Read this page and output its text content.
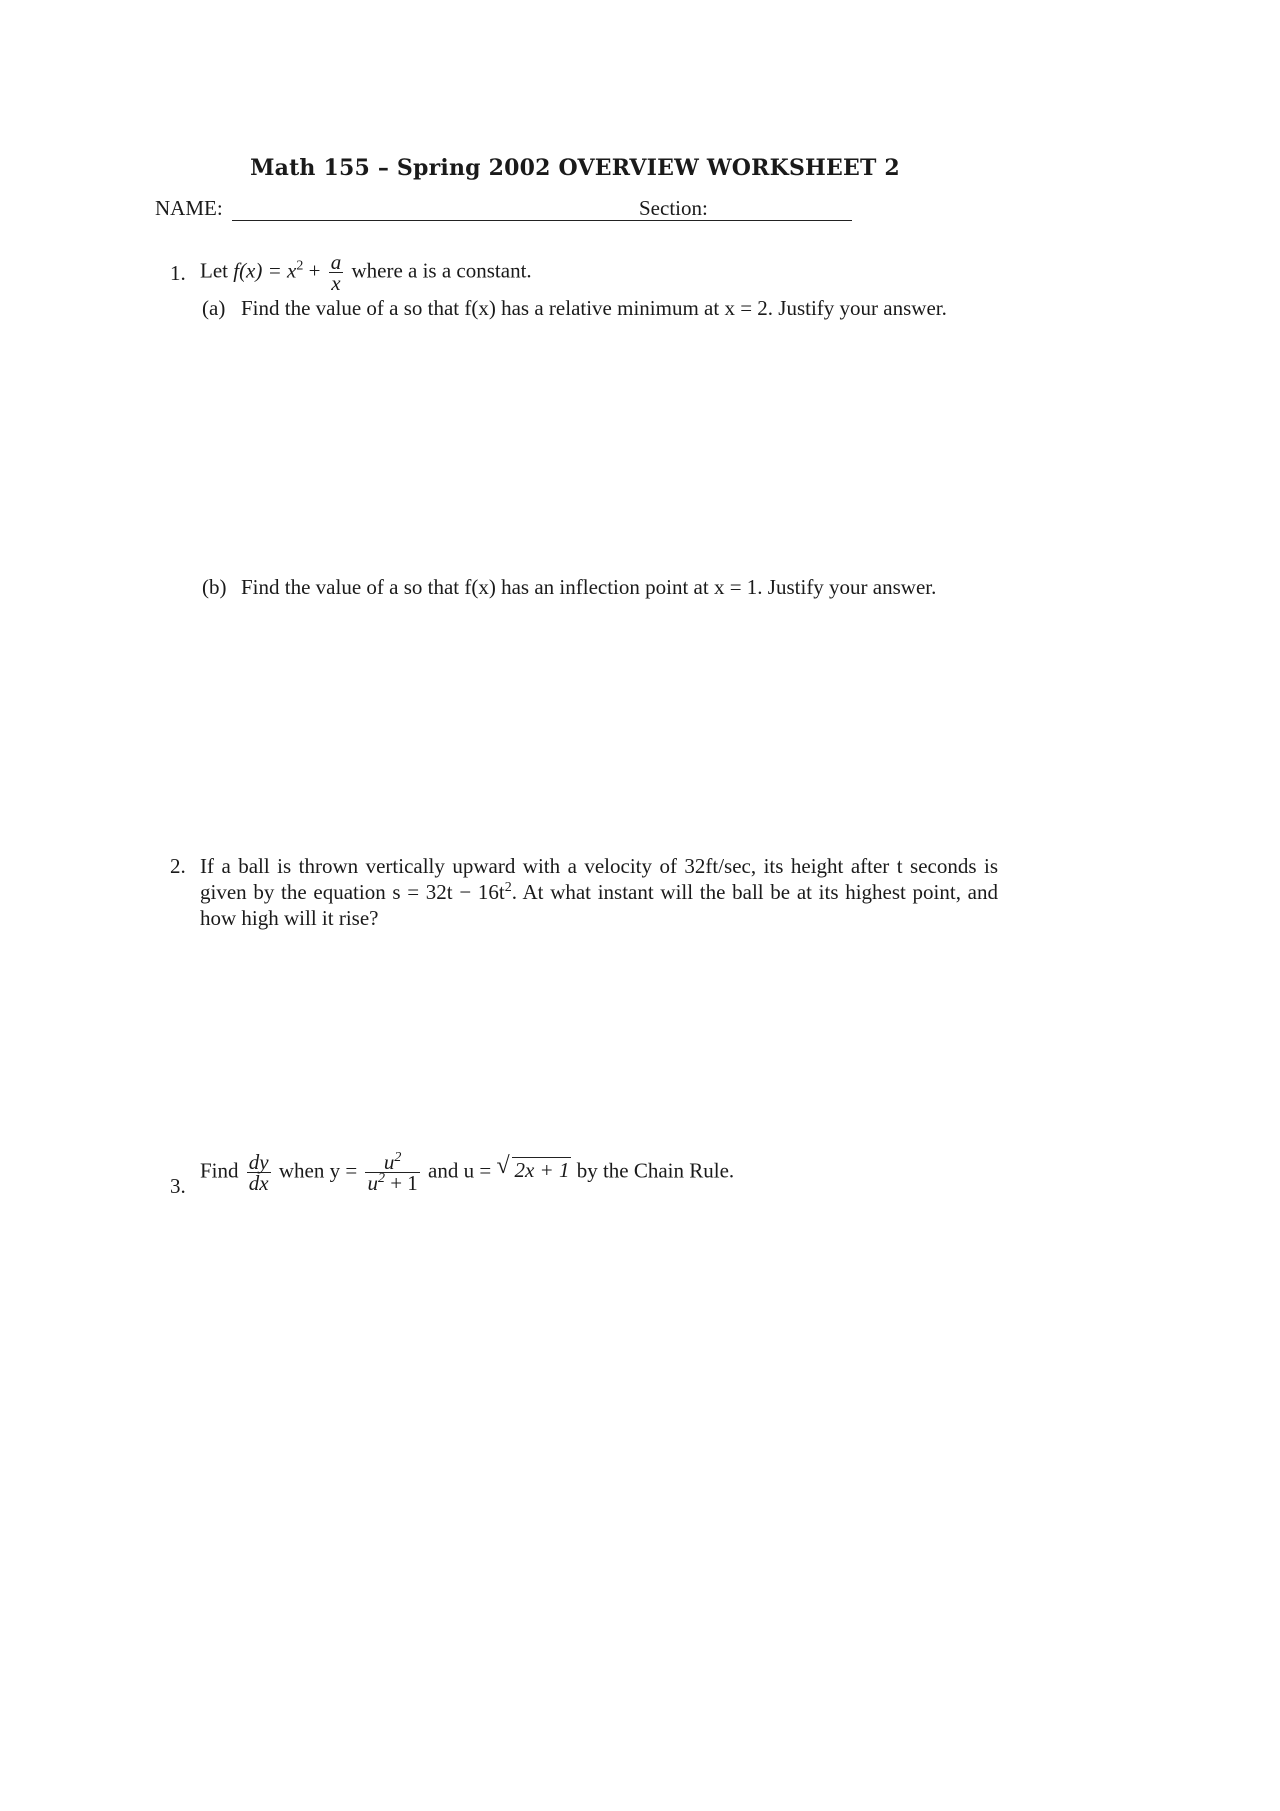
Math 155 – Spring 2002 OVERVIEW WORKSHEET 2
NAME:	Section:
1. Let $f(x) = x^2 + \frac{a}{x}$ where a is a constant.
(a) Find the value of a so that f(x) has a relative minimum at x = 2. Justify your answer.
(b) Find the value of a so that f(x) has an inflection point at x = 1. Justify your answer.
2. If a ball is thrown vertically upward with a velocity of 32ft/sec, its height after t seconds is given by the equation $s = 32t - 16t^2$. At what instant will the ball be at its highest point, and how high will it rise?
3.
Find $\frac{dy}{dx}$ when $y = \frac{u^2}{u^2 + 1}$ and u = √ 2x + 1 by the Chain Rule.
